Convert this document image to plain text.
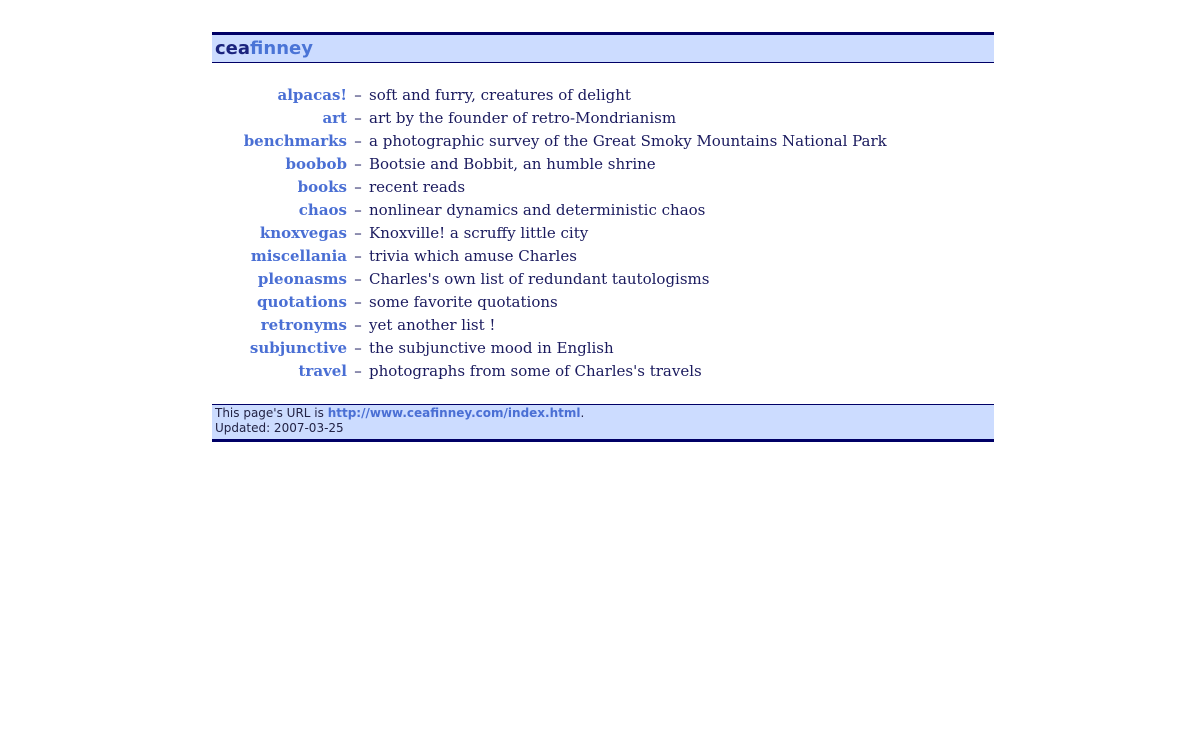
ceafinney
alpacas! – soft and furry, creatures of delight
art – art by the founder of retro-Mondrianism
benchmarks – a photographic survey of the Great Smoky Mountains National Park
boobob – Bootsie and Bobbit, an humble shrine
books – recent reads
chaos – nonlinear dynamics and deterministic chaos
knoxvegas – Knoxville! a scruffy little city
miscellania – trivia which amuse Charles
pleonasms – Charles's own list of redundant tautologisms
quotations – some favorite quotations
retronyms – yet another list !
subjunctive – the subjunctive mood in English
travel – photographs from some of Charles's travels
This page's URL is http://www.ceafinney.com/index.html.
Updated: 2007-03-25
